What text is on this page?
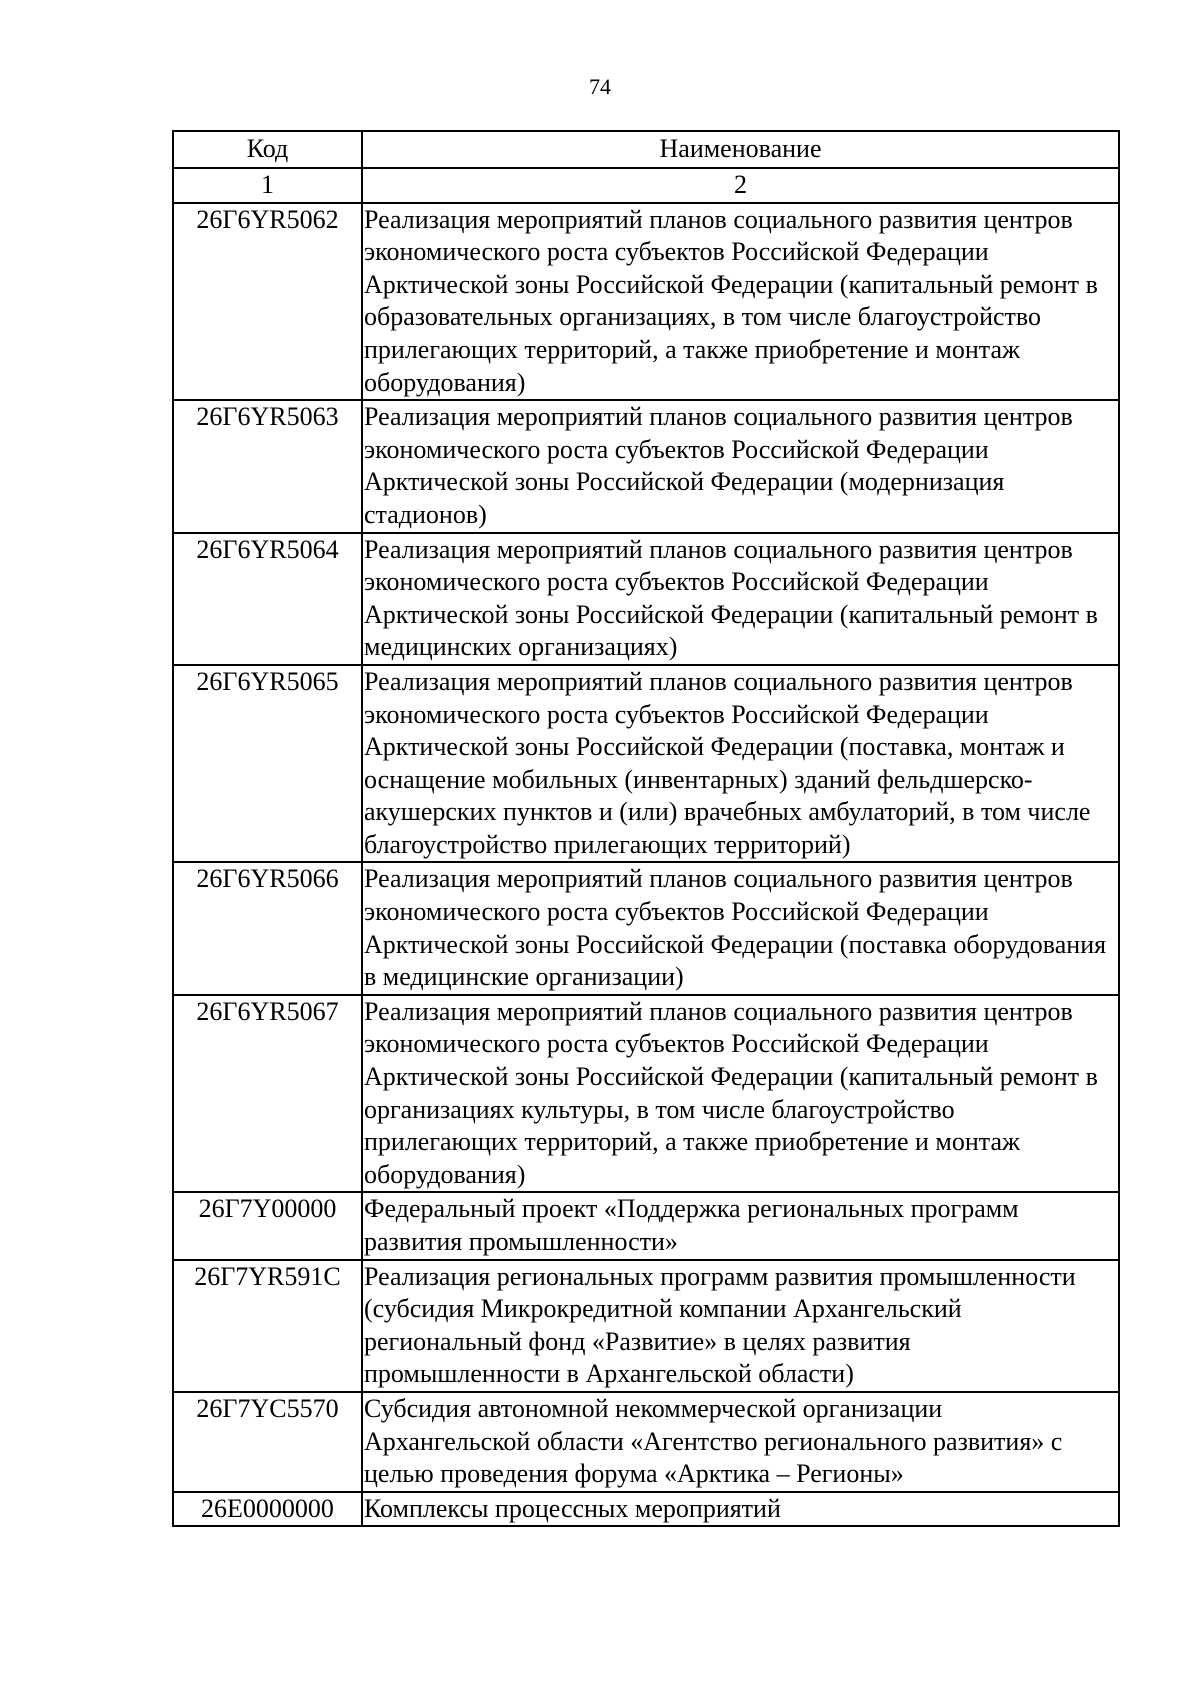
74
Код	Наименование
1	2
26Г6YR5062	Реализация мероприятий планов социального развития центров экономического роста субъектов Российской Федерации Арктической зоны Российской Федерации (капитальный ремонт в образовательных организациях, в том числе благоустройство прилегающих территорий, а также приобретение и монтаж оборудования)
26Г6YR5063	Реализация мероприятий планов социального развития центров экономического роста субъектов Российской Федерации Арктической зоны Российской Федерации (модернизация стадионов)
26Г6YR5064	Реализация мероприятий планов социального развития центров экономического роста субъектов Российской Федерации Арктической зоны Российской Федерации (капитальный ремонт в медицинских организациях)
26Г6YR5065	Реализация мероприятий планов социального развития центров экономического роста субъектов Российской Федерации Арктической зоны Российской Федерации (поставка, монтаж и оснащение мобильных (инвентарных) зданий фельдшерско-акушерских пунктов и (или) врачебных амбулаторий, в том числе благоустройство прилегающих территорий)
26Г6YR5066	Реализация мероприятий планов социального развития центров экономического роста субъектов Российской Федерации Арктической зоны Российской Федерации (поставка оборудования в медицинские организации)
26Г6YR5067	Реализация мероприятий планов социального развития центров экономического роста субъектов Российской Федерации Арктической зоны Российской Федерации (капитальный ремонт в организациях культуры, в том числе благоустройство прилегающих территорий, а также приобретение и монтаж оборудования)
26Г7Y00000	Федеральный проект «Поддержка региональных программ развития промышленности»
26Г7YR591C	Реализация региональных программ развития промышленности (субсидия Микрокредитной компании Архангельский региональный фонд «Развитие» в целях развития промышленности в Архангельской области)
26Г7YC5570	Субсидия автономной некоммерческой организации Архангельской области «Агентство регионального развития» с целью проведения форума «Арктика – Регионы»
26Е0000000	Комплексы процессных мероприятий
